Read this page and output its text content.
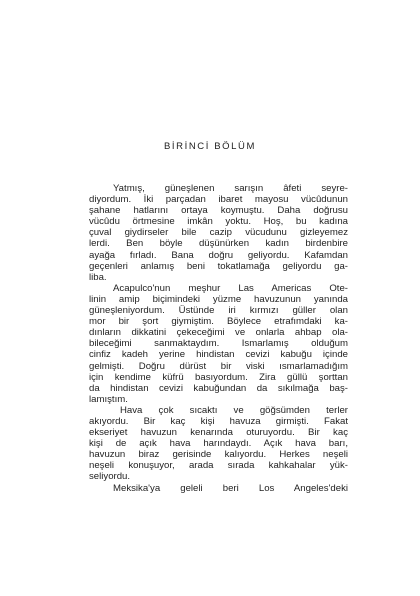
BİRİNCİ BÖLÜM
Yatmış, güneşlenen sarışın âfeti seyre-
diyordum. İki parçadan ibaret mayosu vücûdunun
şahane hatlarını ortaya koymuştu. Daha doğrusu
vücûdu örtmesine imkân yoktu. Hoş, bu kadına
çuval giydirseler bile cazip vücudunu gizleyemez
lerdi. Ben böyle düşünürken kadın birdenbire
ayağa fırladı. Bana doğru geliyordu. Kafamdan
geçenleri anlamış beni tokatlamağa geliyordu ga-
liba.
Acapulco'nun meşhur Las Americas Ote-
linin amip biçimindeki yüzme havuzunun yanında
güneşleniyordum. Üstünde iri kırmızı güller olan
mor bir şort giymiştim. Böylece etrafımdaki ka-
dınların dikkatini çekeceğimi ve onlarla ahbap ola-
bileceğimi sanmaktaydım. Ismarlamış olduğum
cinfiz kadeh yerine hindistan cevizi kabuğu içinde
gelmişti. Doğru dürüst bir viski ısmarlamadığım
için kendime küfrü basıyordum. Zira güllü şorttan
da hindistan cevizi kabuğundan da sıkılmağa baş-
lamıştım.
Hava çok sıcaktı ve göğsümden terler
akıyordu. Bir kaç kişi havuza girmişti. Fakat
ekseriyet havuzun kenarında oturuyordu. Bir kaç
kişi de açık hava harındaydı. Açık hava barı,
havuzun biraz gerisinde kalıyordu. Herkes neşeli
neşeli konuşuyor, arada sırada kahkahalar yük-
seliyordu.
Meksika'ya geleli beri Los Angeles'deki
